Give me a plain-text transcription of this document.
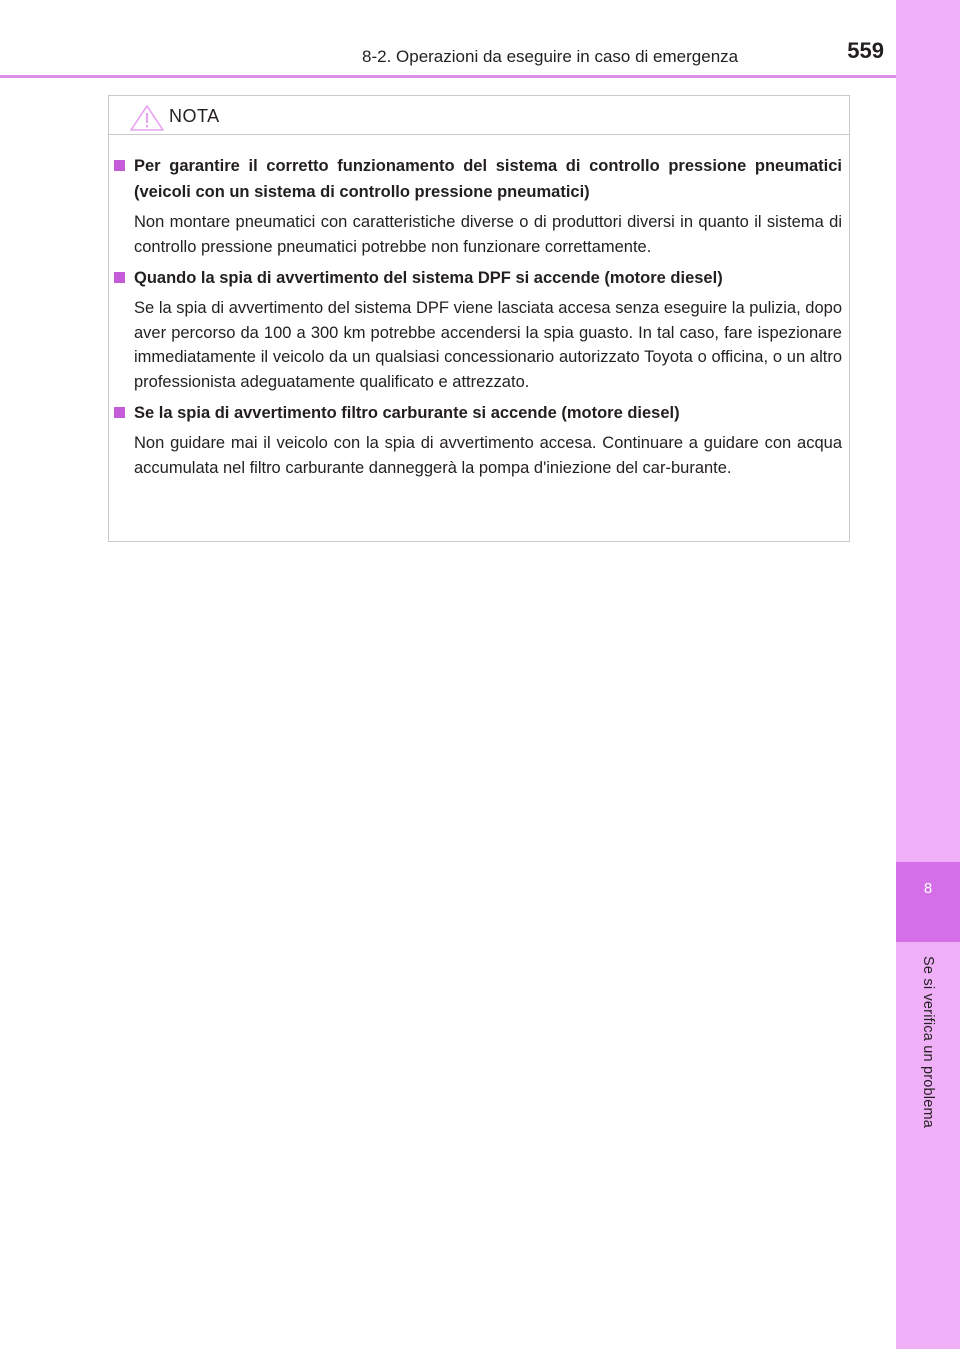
8
Se si verifica un problema
8-2. Operazioni da eseguire in caso di emergenza	559
NOTA
Per garantire il corretto funzionamento del sistema di controllo pressione pneumatici (veicoli con un sistema di controllo pressione pneumatici)
Non montare pneumatici con caratteristiche diverse o di produttori diversi in quanto il sistema di controllo pressione pneumatici potrebbe non funzionare correttamente.
Quando la spia di avvertimento del sistema DPF si accende (motore diesel)
Se la spia di avvertimento del sistema DPF viene lasciata accesa senza eseguire la pulizia, dopo aver percorso da 100 a 300 km potrebbe accendersi la spia guasto. In tal caso, fare ispezionare immediatamente il veicolo da un qualsiasi concessionario autorizzato Toyota o officina, o un altro professionista adeguatamente qualificato e attrezzato.
Se la spia di avvertimento filtro carburante si accende (motore diesel)
Non guidare mai il veicolo con la spia di avvertimento accesa. Continuare a guidare con acqua accumulata nel filtro carburante danneggerà la pompa d'iniezione del car-burante.
